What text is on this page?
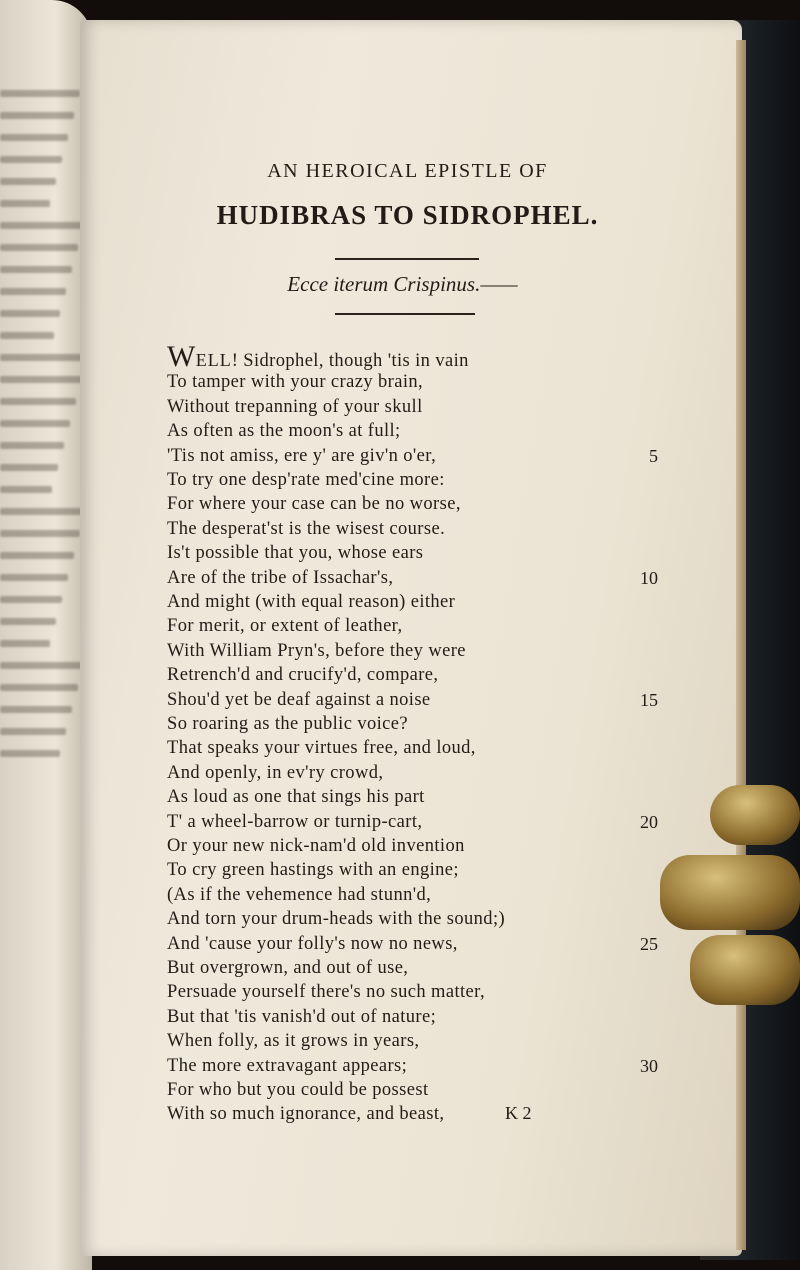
AN HEROICAL EPISTLE OF
HUDIBRAS TO SIDROPHEL.
Ecce iterum Crispinus.——
WELL! Sidrophel, though 'tis in vain
To tamper with your crazy brain,
Without trepanning of your skull
As often as the moon's at full;
'Tis not amiss, ere y' are giv'n o'er,	5
To try one desp'rate med'cine more:
For where your case can be no worse,
The desperat'st is the wisest course.
Is't possible that you, whose ears
Are of the tribe of Issachar's,	10
And might (with equal reason) either
For merit, or extent of leather,
With William Pryn's, before they were
Retrench'd and crucify'd, compare,
Shou'd yet be deaf against a noise	15
So roaring as the public voice?
That speaks your virtues free, and loud,
And openly, in ev'ry crowd,
As loud as one that sings his part
T' a wheel-barrow or turnip-cart,	20
Or your new nick-nam'd old invention
To cry green hastings with an engine;
(As if the vehemence had stunn'd,
And torn your drum-heads with the sound;)
And 'cause your folly's now no news,	25
But overgrown, and out of use,
Persuade yourself there's no such matter,
But that 'tis vanish'd out of nature;
When folly, as it grows in years,
The more extravagant appears;	30
For who but you could be possest
With so much ignorance, and beast,	K 2
